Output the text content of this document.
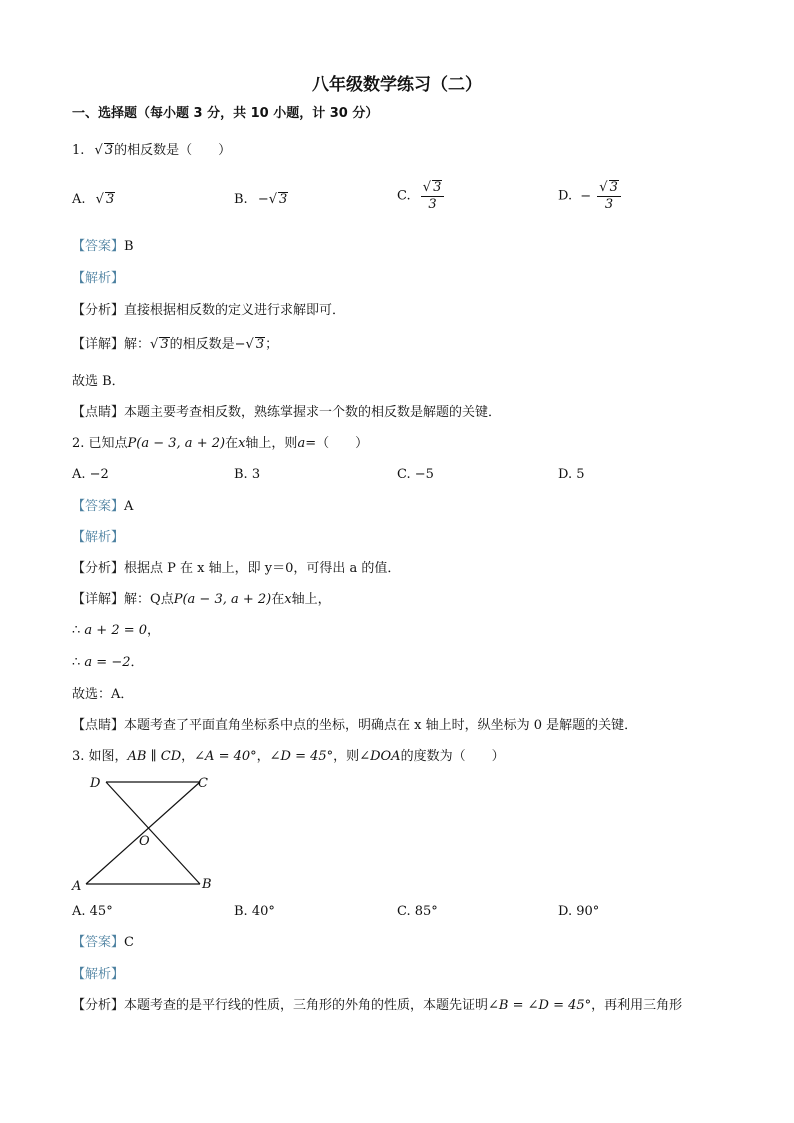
八年级数学练习（二）
一、选择题（每小题 3 分，共 10 小题，计 30 分）
1. √ 3的相反数是（　　）
A. √ 3	B. −√ 3	C. $\frac{√ 3}{3}$	D. − $\frac{√ 3}{3}$
【答案】B
【解析】
【分析】直接根据相反数的定义进行求解即可．
【详解】解：√ 3的相反数是−√ 3；
故选 B．
【点睛】本题主要考查相反数，熟练掌握求一个数的相反数是解题的关键．
2. 已知点P(a − 3, a + 2)在x轴上，则a=（　　）
A. −2	B. 3	C. −5	D. 5
【答案】A
【解析】
【分析】根据点 P 在 x 轴上，即 y＝0，可得出 a 的值．
【详解】解：Q点P(a − 3, a + 2)在x轴上，
∴ a + 2 = 0，
∴ a = −2．
故选：A．
【点睛】本题考查了平面直角坐标系中点的坐标，明确点在 x 轴上时，纵坐标为 0 是解题的关键．
3. 如图，AB ∥ CD，∠A = 40°，∠D = 45°，则∠DOA的度数为（　　）
D	C
O
A	B
A. 45°	B. 40°	C. 85°	D. 90°
【答案】C
【解析】
【分析】本题考查的是平行线的性质，三角形的外角的性质，本题先证明∠B = ∠D = 45°，再利用三角形
